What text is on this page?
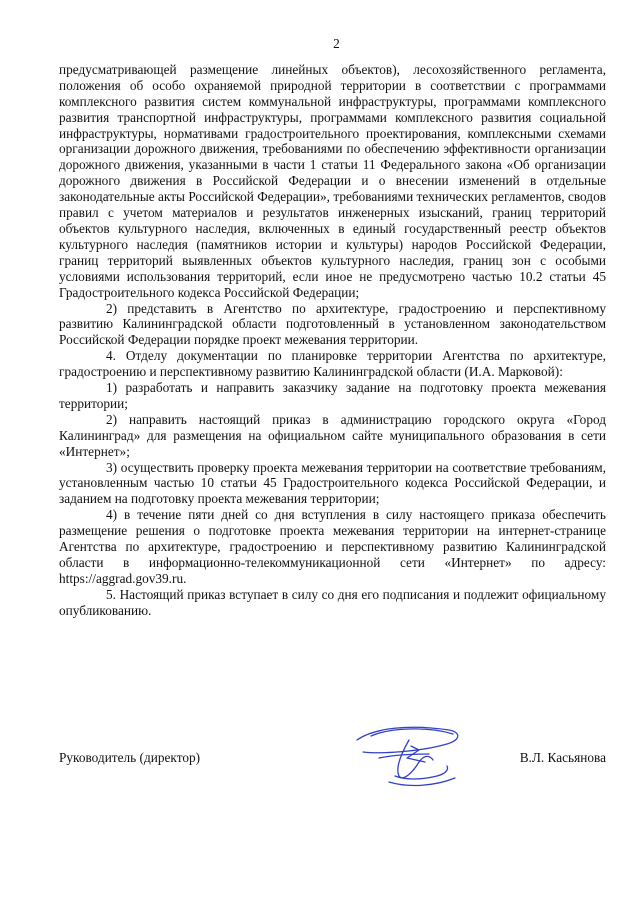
2

предусматривающей размещение линейных объектов), лесохозяйственного регламента, положения об особо охраняемой природной территории в соответствии с программами комплексного развития систем коммунальной инфраструктуры, программами комплексного развития транспортной инфраструктуры, программами комплексного развития социальной инфраструктуры, нормативами градостроительного проектирования, комплексными схемами организации дорожного движения, требованиями по обеспечению эффективности организации дорожного движения, указанными в части 1 статьи 11 Федерального закона «Об организации дорожного движения в Российской Федерации и о внесении изменений в отдельные законодательные акты Российской Федерации», требованиями технических регламентов, сводов правил с учетом материалов и результатов инженерных изысканий, границ территорий объектов культурного наследия, включенных в единый государственный реестр объектов культурного наследия (памятников истории и культуры) народов Российской Федерации, границ территорий выявленных объектов культурного наследия, границ зон с особыми условиями использования территорий, если иное не предусмотрено частью 10.2 статьи 45 Градостроительного кодекса Российской Федерации;

2) представить в Агентство по архитектуре, градостроению и перспективному развитию Калининградской области подготовленный в установленном законодательством Российской Федерации порядке проект межевания территории.

4. Отделу документации по планировке территории Агентства по архитектуре, градостроению и перспективному развитию Калининградской области (И.А. Марковой):

1) разработать и направить заказчику задание на подготовку проекта межевания территории;

2) направить настоящий приказ в администрацию городского округа «Город Калининград» для размещения на официальном сайте муниципального образования в сети «Интернет»;

3) осуществить проверку проекта межевания территории на соответствие требованиям, установленным частью 10 статьи 45 Градостроительного кодекса Российской Федерации, и заданием на подготовку проекта межевания территории;

4) в течение пяти дней со дня вступления в силу настоящего приказа обеспечить размещение решения о подготовке проекта межевания территории на интернет-странице Агентства по архитектуре, градостроению и перспективному развитию Калининградской области в информационно-телекоммуникационной сети «Интернет» по адресу: https://aggrad.gov39.ru.

5. Настоящий приказ вступает в силу со дня его подписания и подлежит официальному опубликованию.

Руководитель (директор)	В.Л. Касьянова
